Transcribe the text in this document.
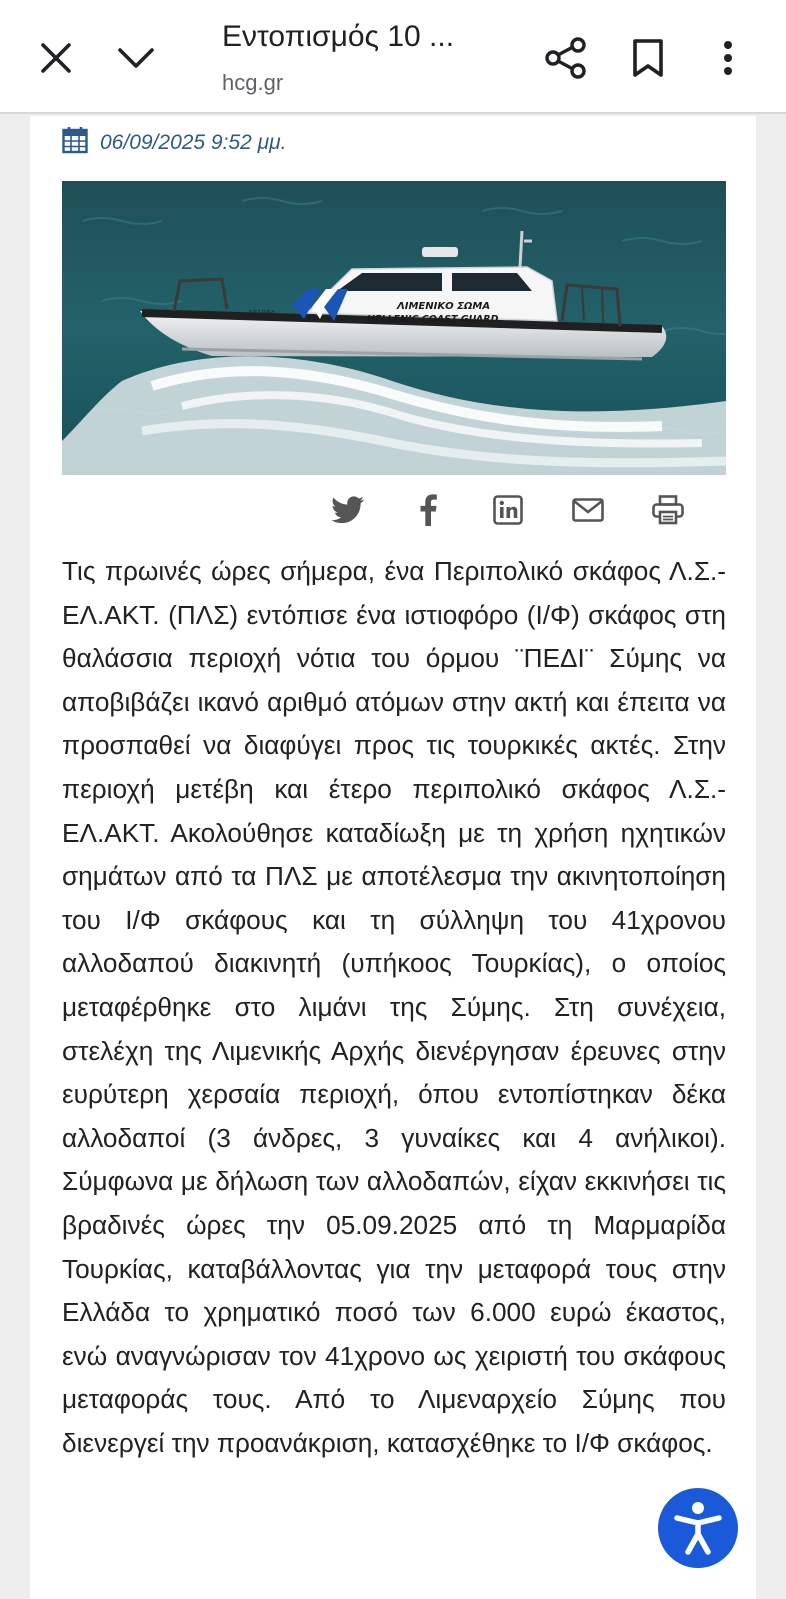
Εντοπισμός 10 ...
hcg.gr
06/09/2025 9:52 μμ.
ΛΙΜΕΝΙΚΟ ΣΩΜΑ
HELLENIC COAST GUARD
ΛΣ1064
Τις πρωινές ώρες σήμερα, ένα Περιπολικό σκάφος Λ.Σ.-ΕΛ.ΑΚΤ. (ΠΛΣ) εντόπισε ένα ιστιοφόρο (Ι/Φ) σκάφος στη θαλάσσια περιοχή νότια του όρμου ¨ΠΕΔΙ¨ Σύμης να αποβιβάζει ικανό αριθμό ατόμων στην ακτή και έπειτα να προσπαθεί να διαφύγει προς τις τουρκικές ακτές. Στην περιοχή μετέβη και έτερο περιπολικό σκάφος Λ.Σ.-ΕΛ.ΑΚΤ. Ακολούθησε καταδίωξη με τη χρήση ηχητικών σημάτων από τα ΠΛΣ με αποτέλεσμα την ακινητοποίηση του Ι/Φ σκάφους και τη σύλληψη του 41χρονου αλλοδαπού διακινητή (υπήκοος Τουρκίας), ο οποίος μεταφέρθηκε στο λιμάνι της Σύμης. Στη συνέχεια, στελέχη της Λιμενικής Αρχής διενέργησαν έρευνες στην ευρύτερη χερσαία περιοχή, όπου εντοπίστηκαν δέκα αλλοδαποί (3 άνδρες, 3 γυναίκες και 4 ανήλικοι). Σύμφωνα με δήλωση των αλλοδαπών, είχαν εκκινήσει τις βραδινές ώρες την 05.09.2025 από τη Μαρμαρίδα Τουρκίας, καταβάλλοντας για την μεταφορά τους στην Ελλάδα το χρηματικό ποσό των 6.000 ευρώ έκαστος, ενώ αναγνώρισαν τον 41χρονο ως χειριστή του σκάφους μεταφοράς τους. Από το Λιμεναρχείο Σύμης που διενεργεί την προανάκριση, κατασχέθηκε το Ι/Φ σκάφος.
